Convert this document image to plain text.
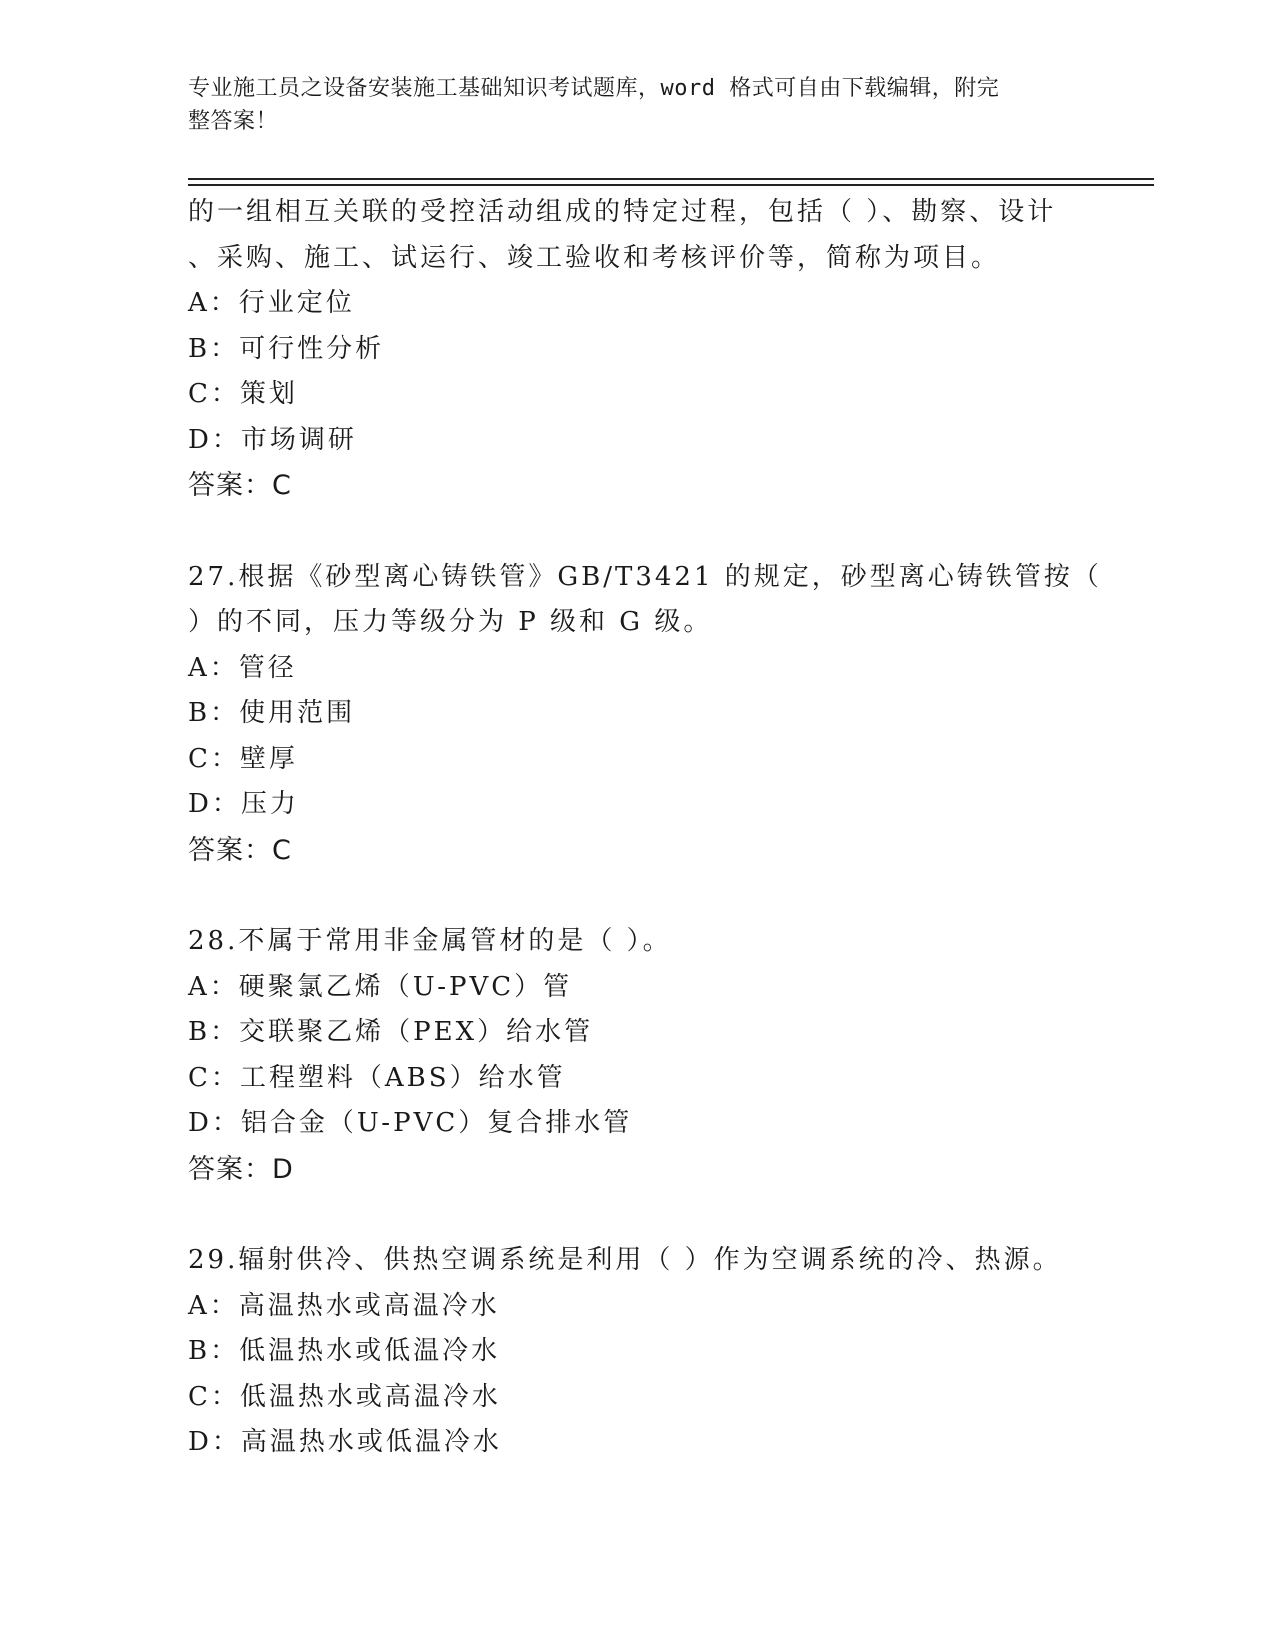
专业施工员之设备安装施工基础知识考试题库，word 格式可自由下载编辑，附完
整答案！
的一组相互关联的受控活动组成的特定过程，包括（ ）、勘察、设计
、采购、施工、试运行、竣工验收和考核评价等，简称为项目。
A：行业定位
B：可行性分析
C：策划
D：市场调研
答案：C
27.根据《砂型离心铸铁管》GB/T3421 的规定，砂型离心铸铁管按（
）的不同，压力等级分为 P 级和 G 级。
A：管径
B：使用范围
C：壁厚
D：压力
答案：C
28.不属于常用非金属管材的是（ ）。
A：硬聚氯乙烯（U-PVC）管
B：交联聚乙烯（PEX）给水管
C：工程塑料（ABS）给水管
D：铝合金（U-PVC）复合排水管
答案：D
29.辐射供冷、供热空调系统是利用（ ）作为空调系统的冷、热源。
A：高温热水或高温冷水
B：低温热水或低温冷水
C：低温热水或高温冷水
D：高温热水或低温冷水
